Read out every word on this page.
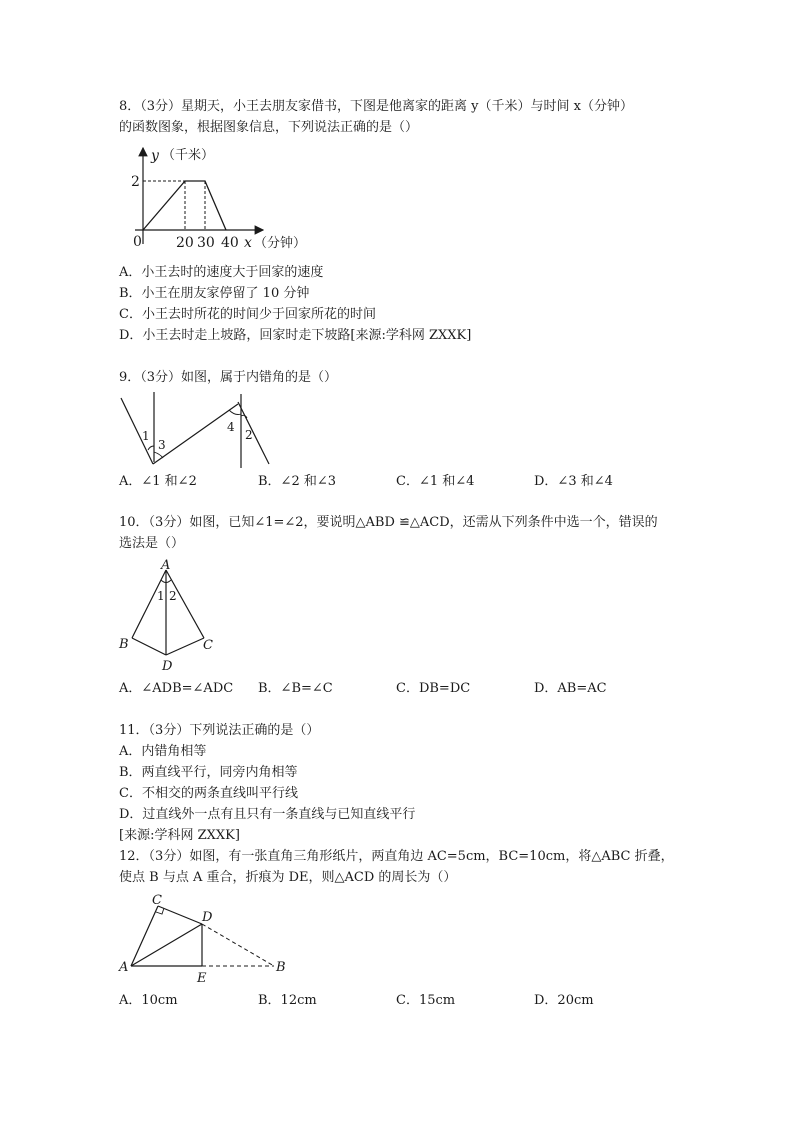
8．（3分）星期天，小王去朋友家借书，下图是他离家的距离 y（千米）与时间 x（分钟）
的函数图象，根据图象信息，下列说法正确的是（）
y （千米）
2
0 20 30 40 x （分钟）
A．小王去时的速度大于回家的速度
B．小王在朋友家停留了 10 分钟
C．小王去时所花的时间少于回家所花的时间
D．小王去时走上坡路，回家时走下坡路[来源:学科网 ZXXK]
9．（3分）如图，属于内错角的是（）
1
3
4
2
A．∠1 和∠2	B．∠2 和∠3	C．∠1 和∠4	D．∠3 和∠4
10．（3分）如图，已知∠1=∠2，要说明△ABD ≌△ACD，还需从下列条件中选一个，错误的
选法是（）
A
1 2
B	C
D
A．∠ADB=∠ADC B．∠B=∠C	C．DB=DC	D．AB=AC
11．（3分）下列说法正确的是（）
A．内错角相等
B．两直线平行，同旁内角相等
C．不相交的两条直线叫平行线
D．过直线外一点有且只有一条直线与已知直线平行
[来源:学科网 ZXXK]
12．（3分）如图，有一张直角三角形纸片，两直角边 AC=5cm，BC=10cm，将△ABC 折叠，
使点 B 与点 A 重合，折痕为 DE，则△ACD 的周长为（）
C
D
A
E
B
A．10cm	B．12cm	C．15cm	D．20cm
